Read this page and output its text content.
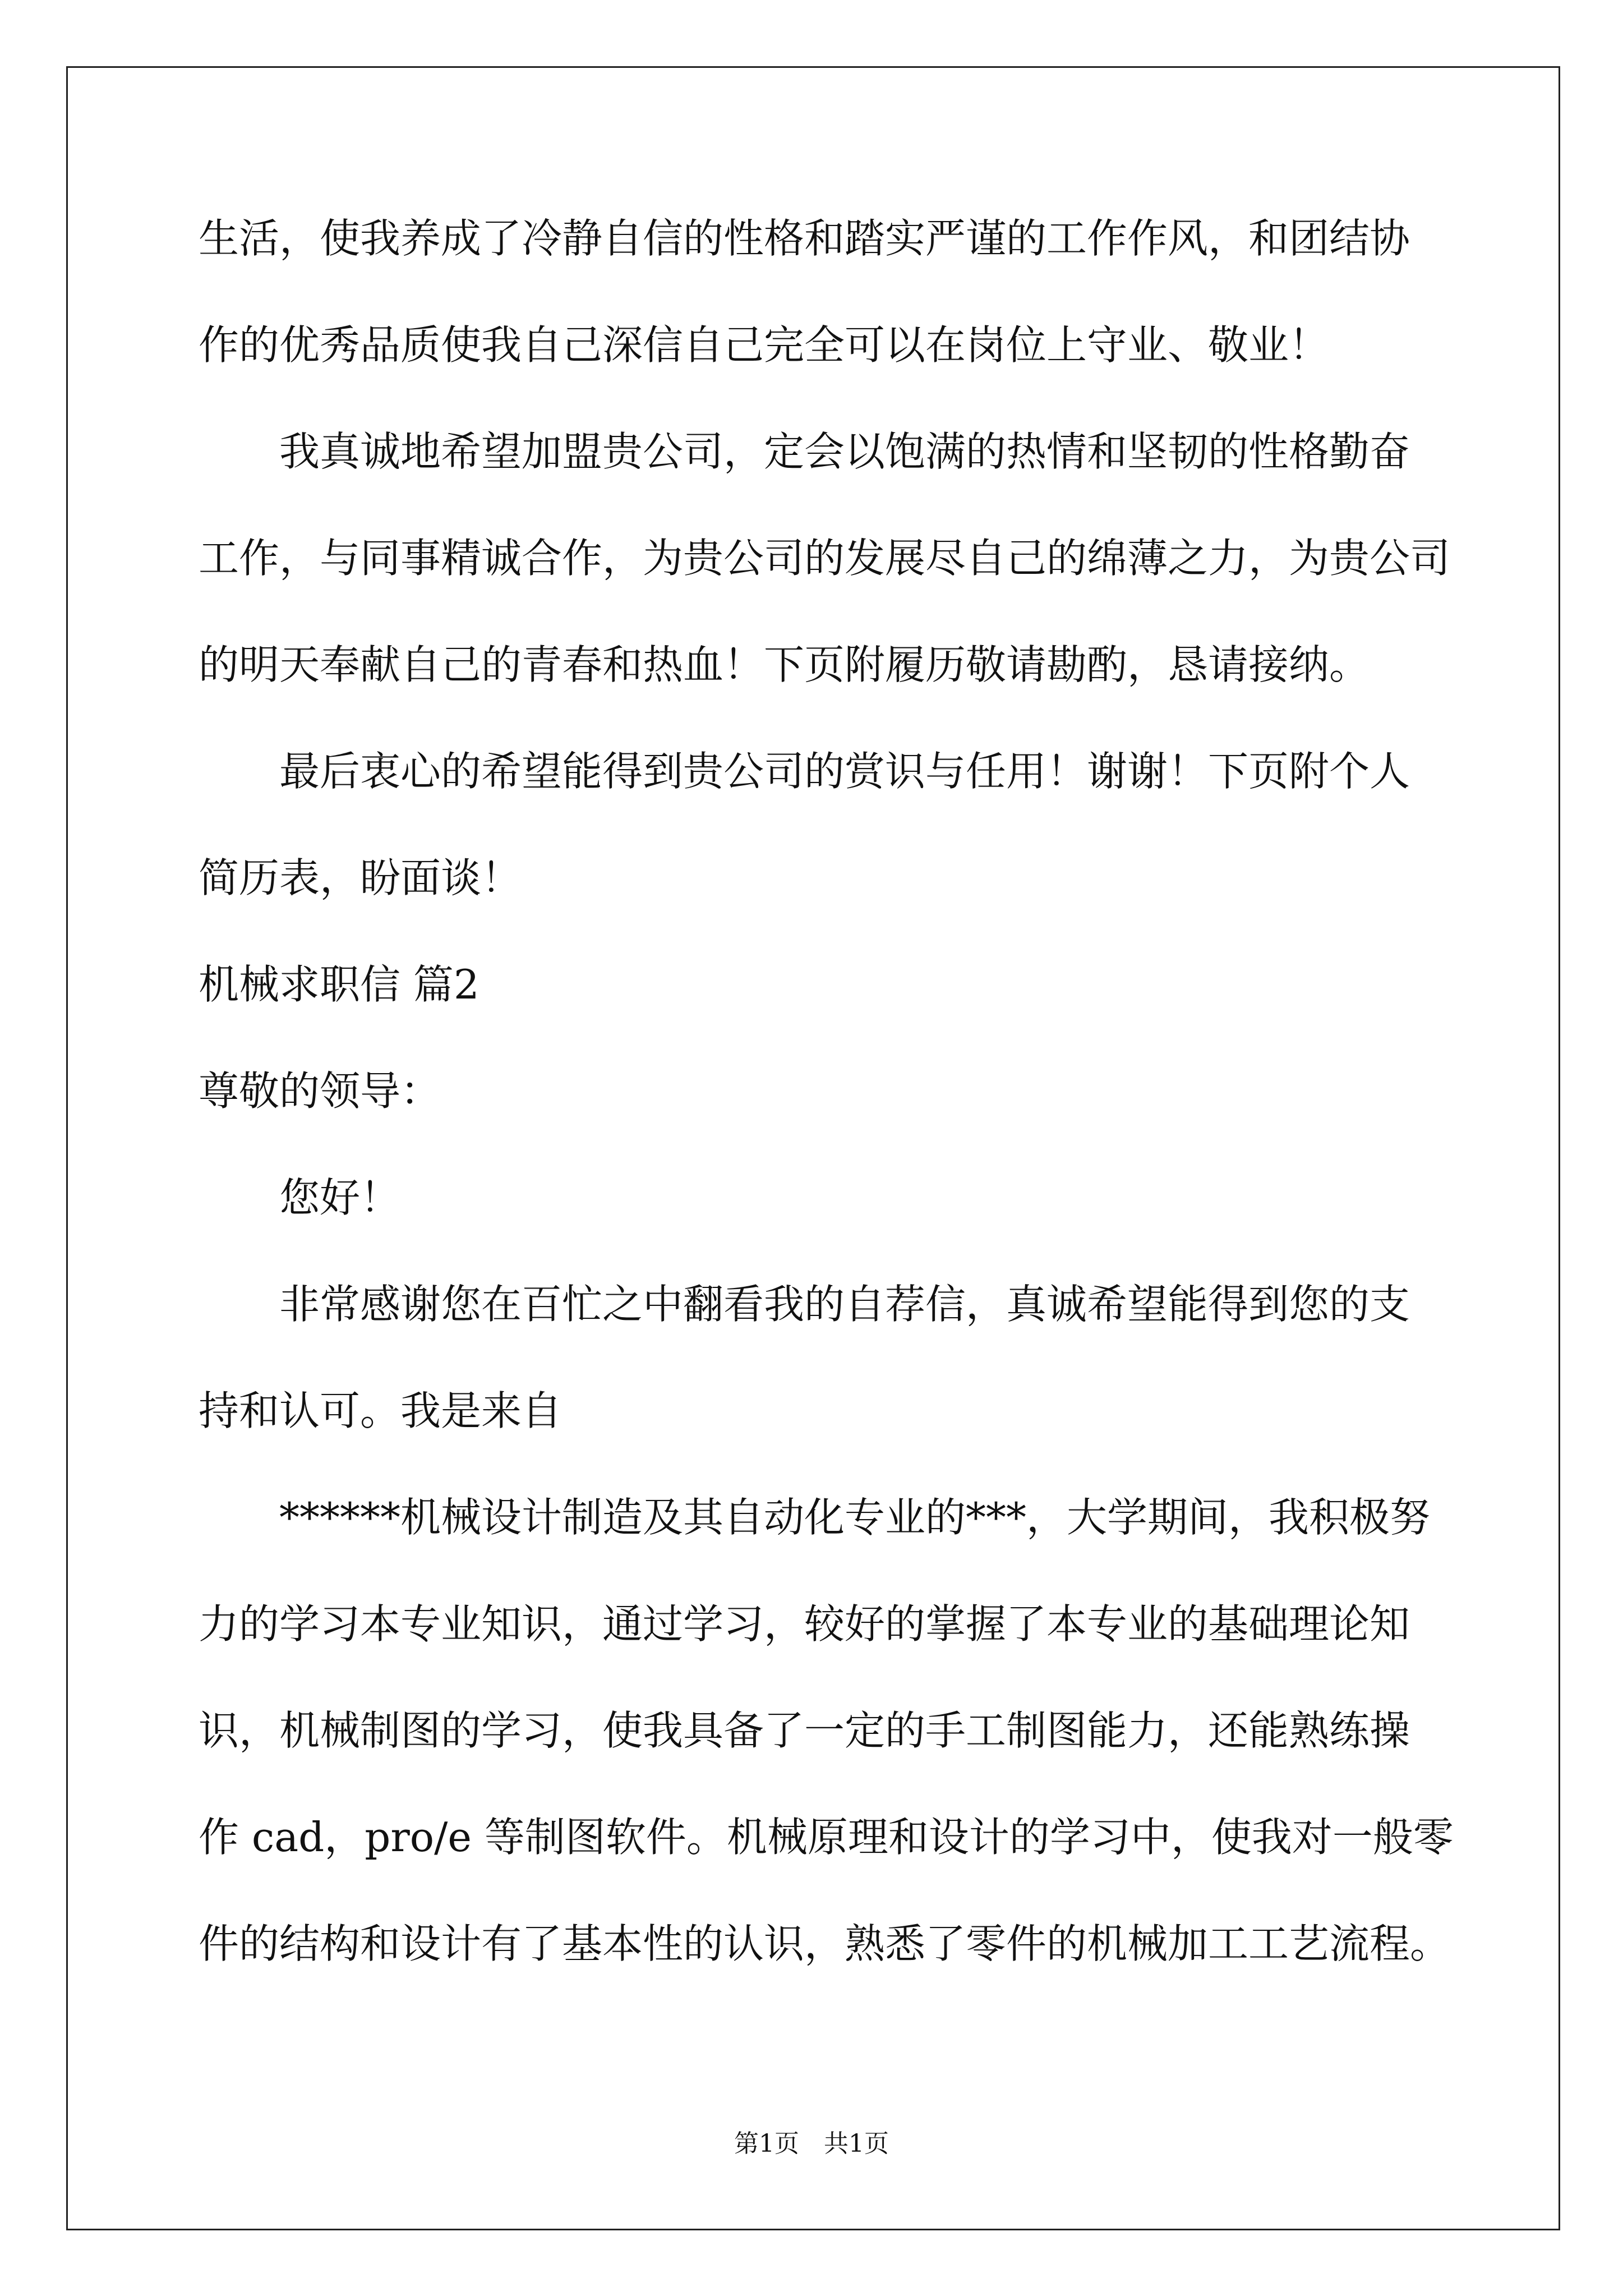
生活，使我养成了冷静自信的性格和踏实严谨的工作作风，和团结协
作的优秀品质使我自己深信自己完全可以在岗位上守业、敬业！
我真诚地希望加盟贵公司，定会以饱满的热情和坚韧的性格勤奋
工作，与同事精诚合作，为贵公司的发展尽自己的绵薄之力，为贵公司
的明天奉献自己的青春和热血！下页附履历敬请勘酌，恳请接纳。
最后衷心的希望能得到贵公司的赏识与任用！谢谢！下页附个人
简历表，盼面谈！
机械求职信 篇2
尊敬的领导：
您好！
非常感谢您在百忙之中翻看我的自荐信，真诚希望能得到您的支
持和认可。我是来自
******机械设计制造及其自动化专业的***，大学期间，我积极努
力的学习本专业知识，通过学习，较好的掌握了本专业的基础理论知
识，机械制图的学习，使我具备了一定的手工制图能力，还能熟练操
作 cad，pro/e 等制图软件。机械原理和设计的学习中，使我对一般零
件的结构和设计有了基本性的认识，熟悉了零件的机械加工工艺流程。
第1页　共1页
